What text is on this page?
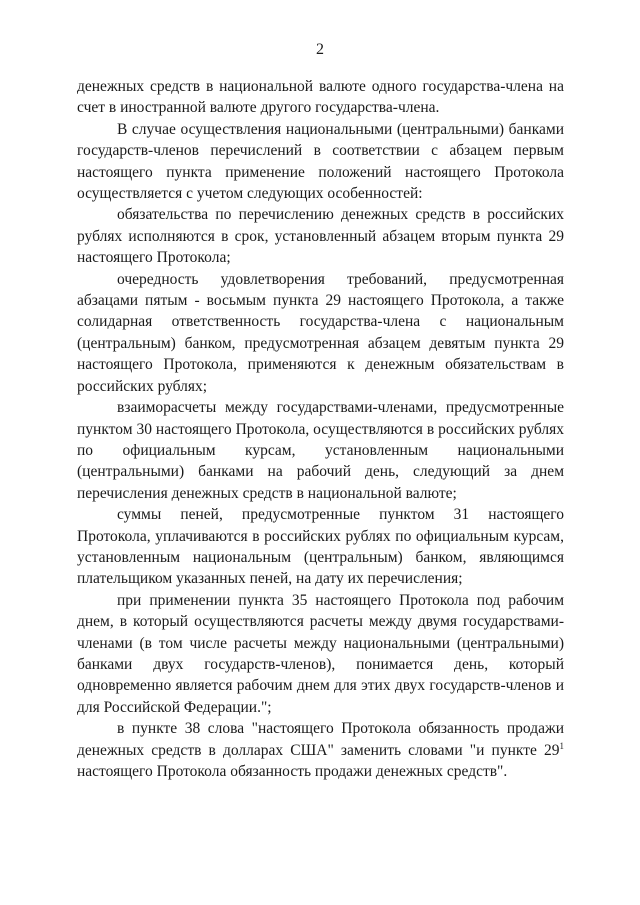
2

денежных средств в национальной валюте одного государства-члена на счет в иностранной валюте другого государства-члена.

В случае осуществления национальными (центральными) банками государств-членов перечислений в соответствии с абзацем первым настоящего пункта применение положений настоящего Протокола осуществляется с учетом следующих особенностей:

обязательства по перечислению денежных средств в российских рублях исполняются в срок, установленный абзацем вторым пункта 29 настоящего Протокола;

очередность удовлетворения требований, предусмотренная абзацами пятым - восьмым пункта 29 настоящего Протокола, а также солидарная ответственность государства-члена с национальным (центральным) банком, предусмотренная абзацем девятым пункта 29 настоящего Протокола, применяются к денежным обязательствам в российских рублях;

взаиморасчеты между государствами-членами, предусмотренные пунктом 30 настоящего Протокола, осуществляются в российских рублях по официальным курсам, установленным национальными (центральными) банками на рабочий день, следующий за днем перечисления денежных средств в национальной валюте;

суммы пеней, предусмотренные пунктом 31 настоящего Протокола, уплачиваются в российских рублях по официальным курсам, установленным национальным (центральным) банком, являющимся плательщиком указанных пеней, на дату их перечисления;

при применении пункта 35 настоящего Протокола под рабочим днем, в который осуществляются расчеты между двумя государствами-членами (в том числе расчеты между национальными (центральными) банками двух государств-членов), понимается день, который одновременно является рабочим днем для этих двух государств-членов и для Российской Федерации.";

в пункте 38 слова "настоящего Протокола обязанность продажи денежных средств в долларах США" заменить словами "и пункте $29^1$ настоящего Протокола обязанность продажи денежных средств".
